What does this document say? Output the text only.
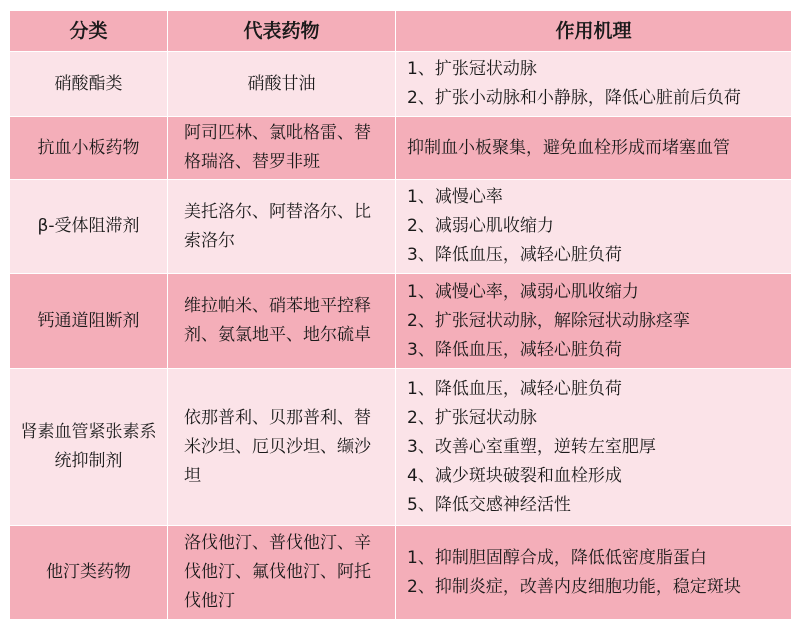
分类	代表药物	作用机理
硝酸酯类	硝酸甘油	1、扩张冠状动脉
2、扩张小动脉和小静脉，降低心脏前后负荷

抗血小板药物	阿司匹林、氯吡格雷、替格瑞洛、替罗非班	抑制血小板聚集，避免血栓形成而堵塞血管

β-受体阻滞剂	美托洛尔、阿替洛尔、比索洛尔	1、减慢心率
2、减弱心肌收缩力
3、降低血压，减轻心脏负荷

钙通道阻断剂	维拉帕米、硝苯地平控释剂、氨氯地平、地尔硫卓	1、减慢心率，减弱心肌收缩力
2、扩张冠状动脉，解除冠状动脉痉挛
3、降低血压，减轻心脏负荷

肾素血管紧张素系统抑制剂	依那普利、贝那普利、替米沙坦、厄贝沙坦、缬沙坦	1、降低血压，减轻心脏负荷
2、扩张冠状动脉
3、改善心室重塑，逆转左室肥厚
4、减少斑块破裂和血栓形成
5、降低交感神经活性

他汀类药物	洛伐他汀、普伐他汀、辛伐他汀、氟伐他汀、阿托伐他汀	1、抑制胆固醇合成，降低低密度脂蛋白
2、抑制炎症，改善内皮细胞功能，稳定斑块
